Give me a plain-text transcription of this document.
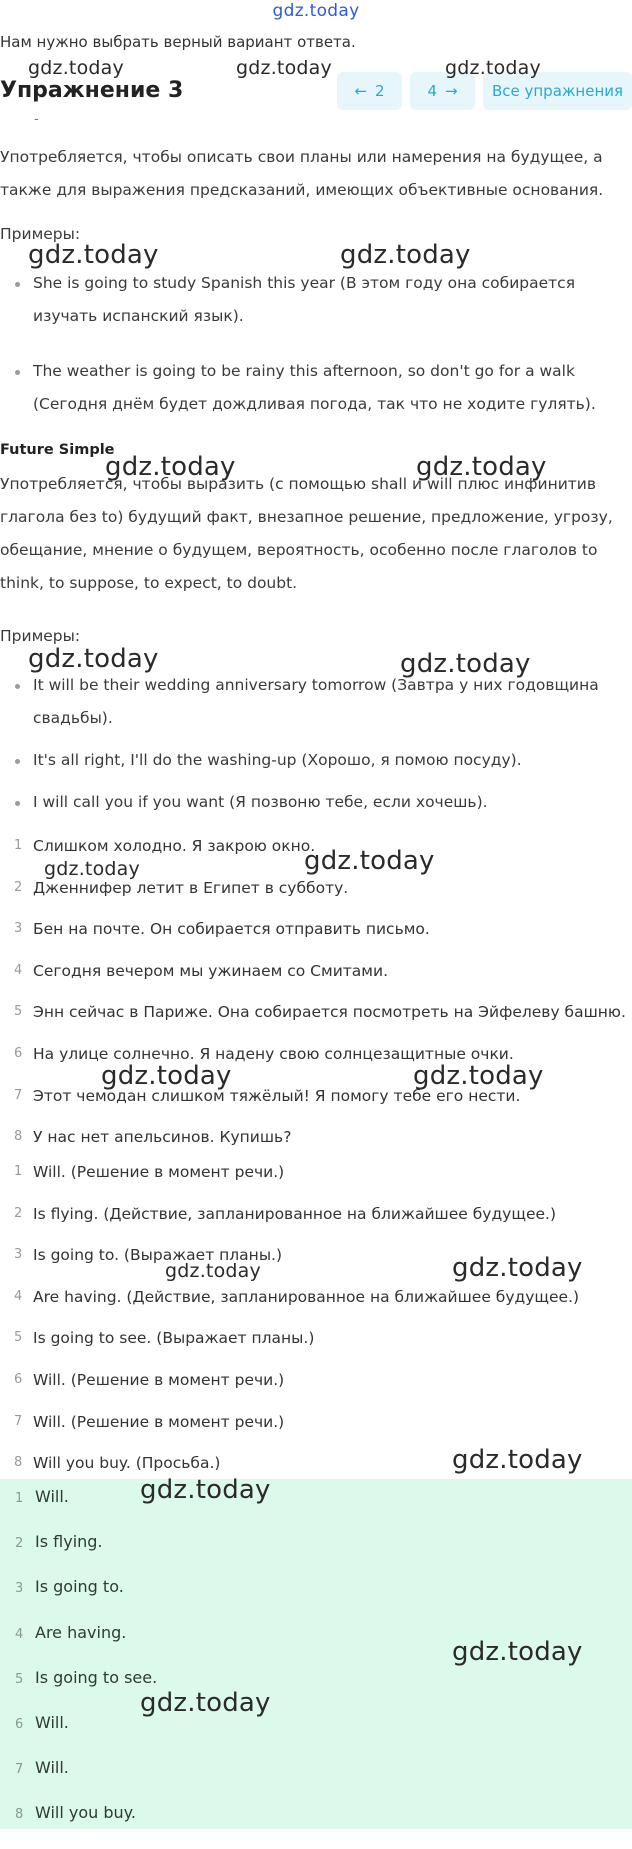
gdz.today
Нам нужно выбрать верный вариант ответа.
Упражнение 3	← 2	4 → Все упражнения
-
Употребляется, чтобы описать свои планы или намерения на будущее, а также для выражения предсказаний, имеющих объективные основания.
Примеры:
She is going to study Spanish this year (В этом году она собирается изучать испанский язык).
The weather is going to be rainy this afternoon, so don't go for a walk (Сегодня днём будет дождливая погода, так что не ходите гулять).
Future Simple
Употребляется, чтобы выразить (с помощью shall и will плюс инфинитив глагола без to) будущий факт, внезапное решение, предложение, угрозу, обещание, мнение о будущем, вероятность, особенно после глаголов to think, to suppose, to expect, to doubt.
Примеры:
It will be their wedding anniversary tomorrow (Завтра у них годовщина свадьбы).
It's all right, I'll do the washing-up (Хорошо, я помою посуду).
I will call you if you want (Я позвоню тебе, если хочешь).
1 Слишком холодно. Я закрою окно.
2 Дженнифер летит в Египет в субботу.
3 Бен на почте. Он собирается отправить письмо.
4 Сегодня вечером мы ужинаем со Смитами.
5 Энн сейчас в Париже. Она собирается посмотреть на Эйфелеву башню.
6 На улице солнечно. Я надену свою солнцезащитные очки.
7 Этот чемодан слишком тяжёлый! Я помогу тебе его нести.
8 У нас нет апельсинов. Купишь?
1 Will. (Решение в момент речи.)
2 Is flying. (Действие, запланированное на ближайшее будущее.)
3 Is going to. (Выражает планы.)
4 Are having. (Действие, запланированное на ближайшее будущее.)
5 Is going to see. (Выражает планы.)
6 Will. (Решение в момент речи.)
7 Will. (Решение в момент речи.)
8 Will you buy. (Просьба.)
1 Will.
2 Is flying.
3 Is going to.
4 Are having.
5 Is going to see.
6 Will.
7 Will.
8 Will you buy.
gdz.today	gdz.today	gdz.today
gdz.today	gdz.today
gdz.today	gdz.today
gdz.today	gdz.today
gdz.today	gdz.today
gdz.today	gdz.today
gdz.today	gdz.today
gdz.today
gdz.today
gdz.today
gdz.today
